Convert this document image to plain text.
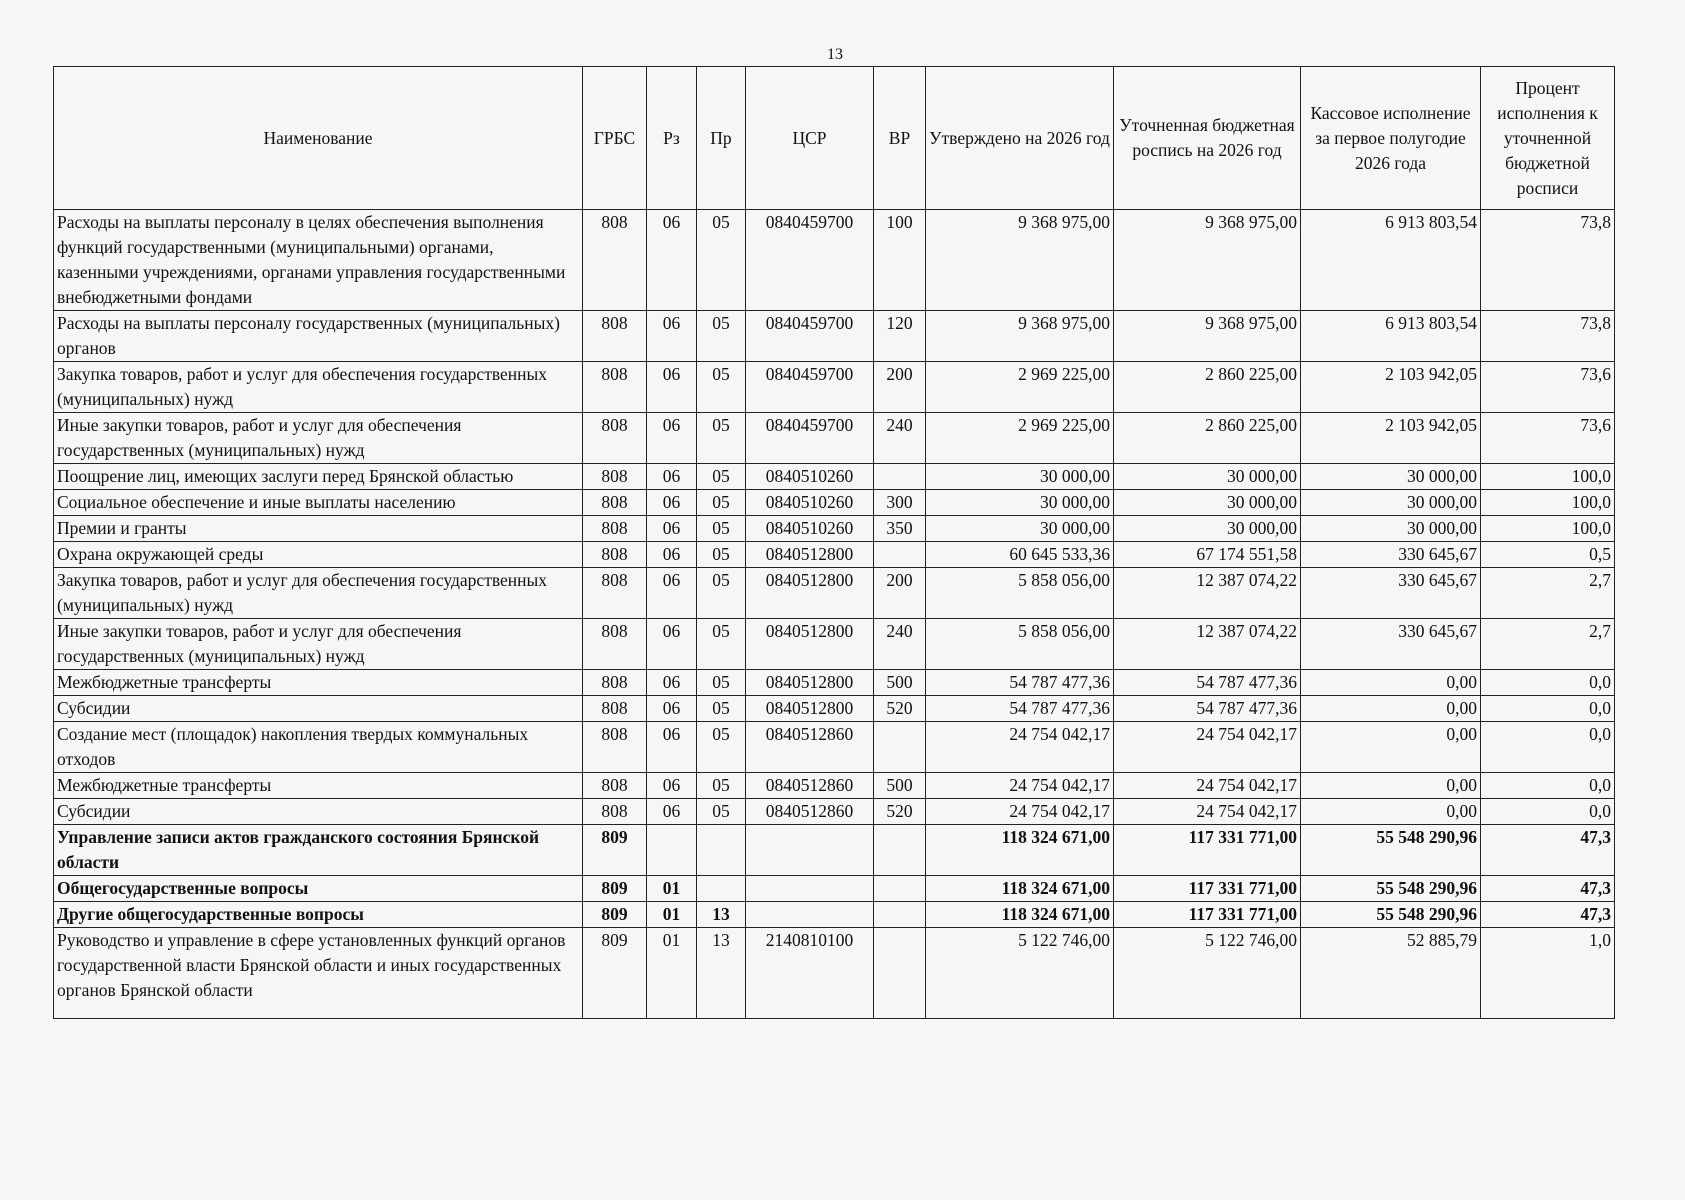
13
Наименование	ГРБС	Рз	Пр	ЦСР	ВР	Утверждено на 2026 год	Уточненная бюджетная роспись на 2026 год	Кассовое исполнение за первое полугодие 2026 года	Процент исполнения к уточненной бюджетной росписи
Расходы на выплаты персоналу в целях обеспечения выполнения функций государственными (муниципальными) органами, казенными учреждениями, органами управления государственными внебюджетными фондами	808	06	05	0840459700	100	9 368 975,00	9 368 975,00	6 913 803,54	73,8
Расходы на выплаты персоналу государственных (муниципальных) органов	808	06	05	0840459700	120	9 368 975,00	9 368 975,00	6 913 803,54	73,8
Закупка товаров, работ и услуг для обеспечения государственных (муниципальных) нужд	808	06	05	0840459700	200	2 969 225,00	2 860 225,00	2 103 942,05	73,6
Иные закупки товаров, работ и услуг для обеспечения государственных (муниципальных) нужд	808	06	05	0840459700	240	2 969 225,00	2 860 225,00	2 103 942,05	73,6
Поощрение лиц, имеющих заслуги перед Брянской областью	808	06	05	0840510260		30 000,00	30 000,00	30 000,00	100,0
Социальное обеспечение и иные выплаты населению	808	06	05	0840510260	300	30 000,00	30 000,00	30 000,00	100,0
Премии и гранты	808	06	05	0840510260	350	30 000,00	30 000,00	30 000,00	100,0
Охрана окружающей среды	808	06	05	0840512800		60 645 533,36	67 174 551,58	330 645,67	0,5
Закупка товаров, работ и услуг для обеспечения государственных (муниципальных) нужд	808	06	05	0840512800	200	5 858 056,00	12 387 074,22	330 645,67	2,7
Иные закупки товаров, работ и услуг для обеспечения государственных (муниципальных) нужд	808	06	05	0840512800	240	5 858 056,00	12 387 074,22	330 645,67	2,7
Межбюджетные трансферты	808	06	05	0840512800	500	54 787 477,36	54 787 477,36	0,00	0,0
Субсидии	808	06	05	0840512800	520	54 787 477,36	54 787 477,36	0,00	0,0
Создание мест (площадок) накопления твердых коммунальных отходов	808	06	05	0840512860		24 754 042,17	24 754 042,17	0,00	0,0
Межбюджетные трансферты	808	06	05	0840512860	500	24 754 042,17	24 754 042,17	0,00	0,0
Субсидии	808	06	05	0840512860	520	24 754 042,17	24 754 042,17	0,00	0,0
Управление записи актов гражданского состояния Брянской области	809					118 324 671,00	117 331 771,00	55 548 290,96	47,3
Общегосударственные вопросы	809	01				118 324 671,00	117 331 771,00	55 548 290,96	47,3
Другие общегосударственные вопросы	809	01	13			118 324 671,00	117 331 771,00	55 548 290,96	47,3
Руководство и управление в сфере установленных функций органов государственной власти Брянской области и иных государственных органов Брянской области	809	01	13	2140810100		5 122 746,00	5 122 746,00	52 885,79	1,0
